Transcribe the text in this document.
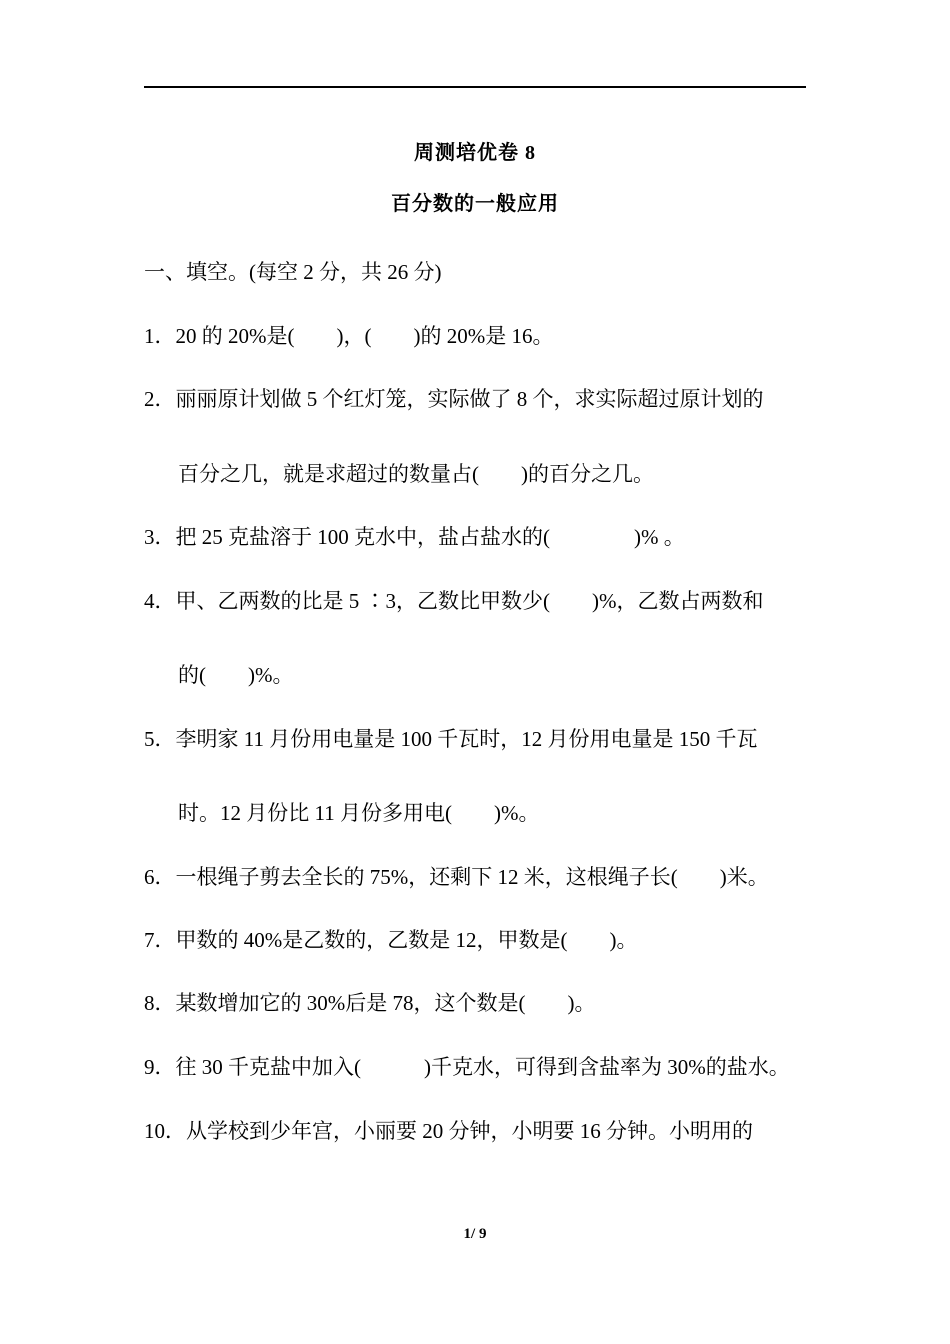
周测培优卷 8
百分数的一般应用
一、填空。(每空 2 分，共 26 分)
1．20 的 20%是(　　)，(　　)的 20%是 16。
2．丽丽原计划做 5 个红灯笼，实际做了 8 个，求实际超过原计划的
百分之几，就是求超过的数量占(　　)的百分之几。
3．把 25 克盐溶于 100 克水中，盐占盐水的(　　　　)% 。
4．甲、乙两数的比是 5 ∶3，乙数比甲数少(　　)%，乙数占两数和
的(　　)%。
5．李明家 11 月份用电量是 100 千瓦时，12 月份用电量是 150 千瓦
时。12 月份比 11 月份多用电(　　)%。
6．一根绳子剪去全长的 75%，还剩下 12 米，这根绳子长(　　)米。
7．甲数的 40%是乙数的，乙数是 12，甲数是(　　)。
8．某数增加它的 30%后是 78，这个数是(　　)。
9．往 30 千克盐中加入(　　　)千克水，可得到含盐率为 30%的盐水。
10．从学校到少年宫，小丽要 20 分钟，小明要 16 分钟。小明用的
1/ 9
